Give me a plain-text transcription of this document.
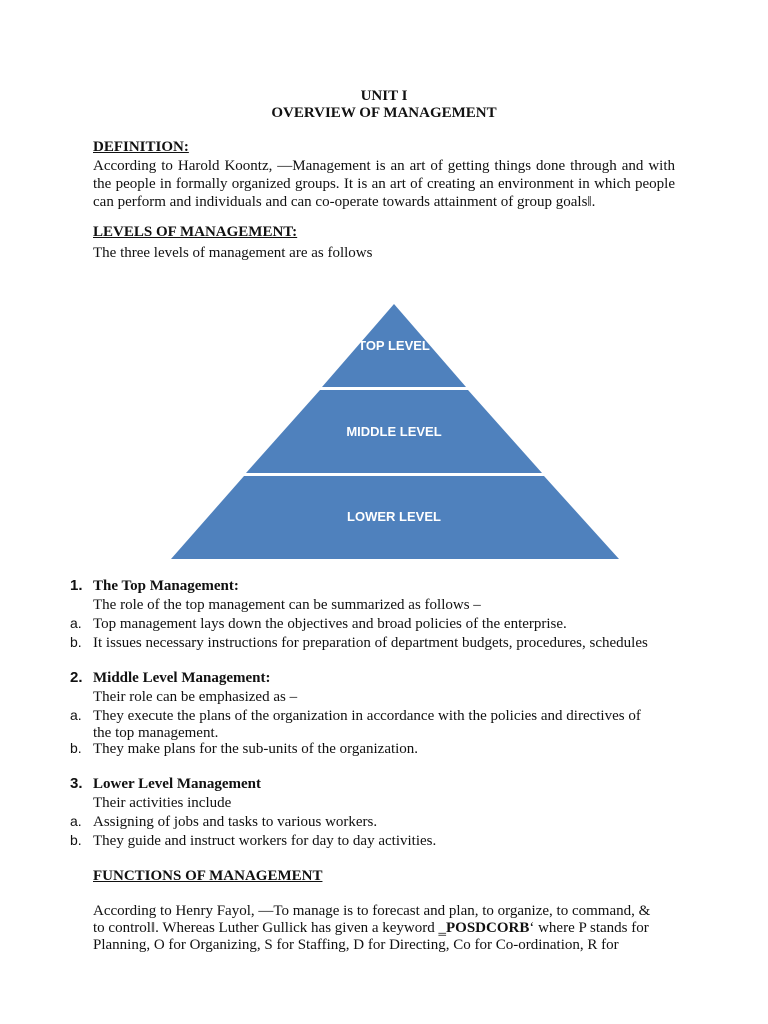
UNIT I
OVERVIEW OF MANAGEMENT
DEFINITION:
According to Harold Koontz, ―Management is an art of getting things done through and with the people in formally organized groups. It is an art of creating an environment in which people can perform and individuals and can co-operate towards attainment of group goals‖.
LEVELS OF MANAGEMENT:
The three levels of management are as follows
TOP LEVEL
MIDDLE LEVEL
LOWER LEVEL
1. The Top Management:
The role of the top management can be summarized as follows –
a. Top management lays down the objectives and broad policies of the enterprise.
b. It issues necessary instructions for preparation of department budgets, procedures, schedules
2. Middle Level Management:
Their role can be emphasized as –
a. They execute the plans of the organization in accordance with the policies and directives of
the top management.
b. They make plans for the sub-units of the organization.
3. Lower Level Management
Their activities include
a. Assigning of jobs and tasks to various workers.
b. They guide and instruct workers for day to day activities.
FUNCTIONS OF MANAGEMENT
According to Henry Fayol, ―To manage is to forecast and plan, to organize, to command, &
to control‖. Whereas Luther Gullick has given a keyword ‗POSDCORB‘ where P stands for
Planning, O for Organizing, S for Staffing, D for Directing, Co for Co-ordination, R for
